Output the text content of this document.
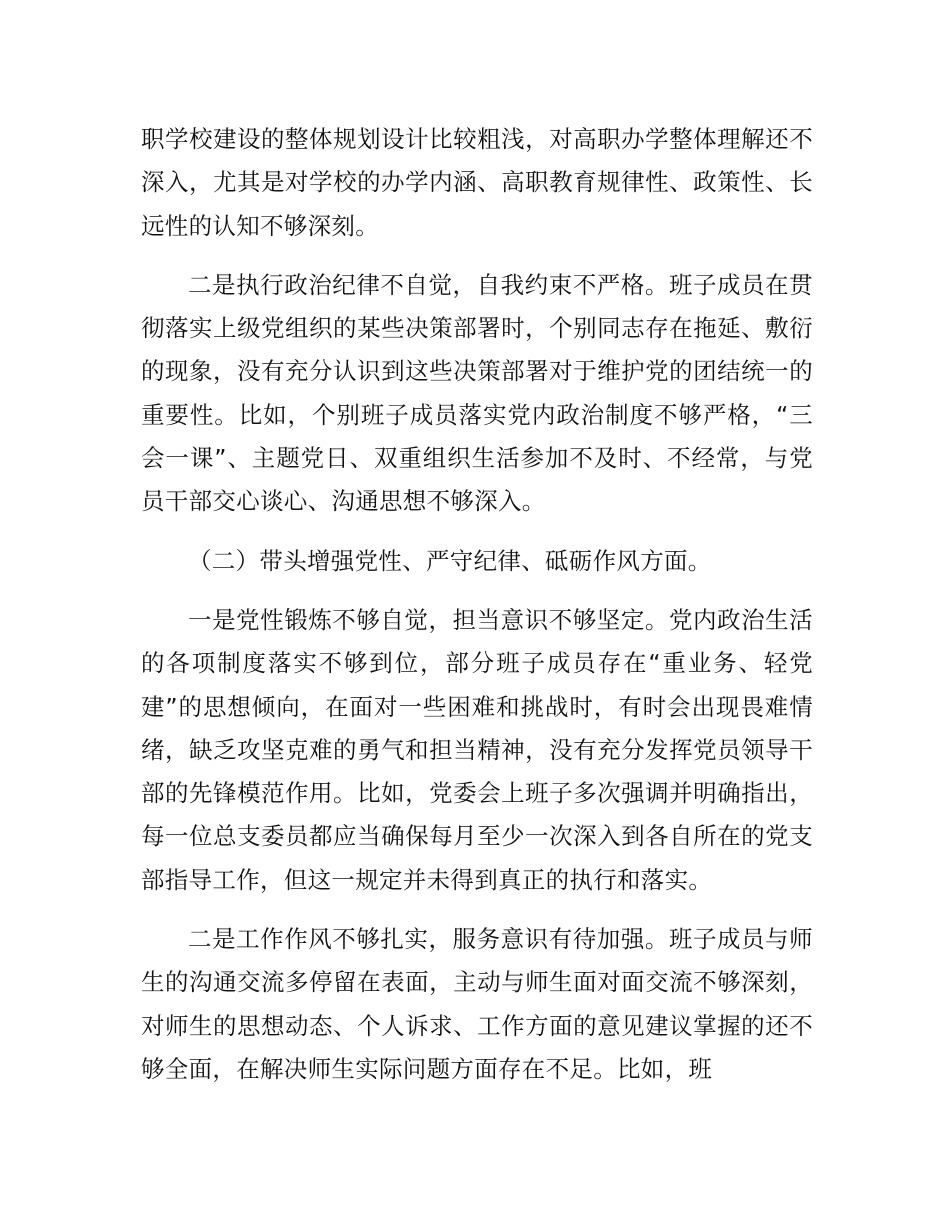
职学校建设的整体规划设计比较粗浅，对高职办学整体理解还不深入，尤其是对学校的办学内涵、高职教育规律性、政策性、长远性的认知不够深刻。

二是执行政治纪律不自觉，自我约束不严格。班子成员在贯彻落实上级党组织的某些决策部署时，个别同志存在拖延、敷衍的现象，没有充分认识到这些决策部署对于维护党的团结统一的重要性。比如，个别班子成员落实党内政治制度不够严格，“三会一课”、主题党日、双重组织生活参加不及时、不经常，与党员干部交心谈心、沟通思想不够深入。

（二）带头增强党性、严守纪律、砥砺作风方面。

一是党性锻炼不够自觉，担当意识不够坚定。党内政治生活的各项制度落实不够到位，部分班子成员存在“重业务、轻党建”的思想倾向，在面对一些困难和挑战时，有时会出现畏难情绪，缺乏攻坚克难的勇气和担当精神，没有充分发挥党员领导干部的先锋模范作用。比如，党委会上班子多次强调并明确指出，每一位总支委员都应当确保每月至少一次深入到各自所在的党支部指导工作，但这一规定并未得到真正的执行和落实。

二是工作作风不够扎实，服务意识有待加强。班子成员与师生的沟通交流多停留在表面，主动与师生面对面交流不够深刻，对师生的思想动态、个人诉求、工作方面的意见建议掌握的还不够全面，在解决师生实际问题方面存在不足。比如，班
